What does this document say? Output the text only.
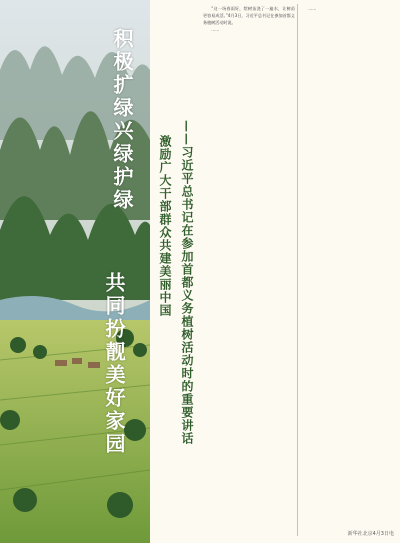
积极扩绿兴绿护绿
共同扮靓美好家园	——习近平总书记在参加首都义务植树活动时的重要讲话
激励广大干部群众共建美丽中国

“这一场春雨好，给树苗浇了一遍水，让树苗更容易成活。”4月3日，习近平总书记在参加首都义务植树活动时说。

……

……

新华社北京4月3日电
